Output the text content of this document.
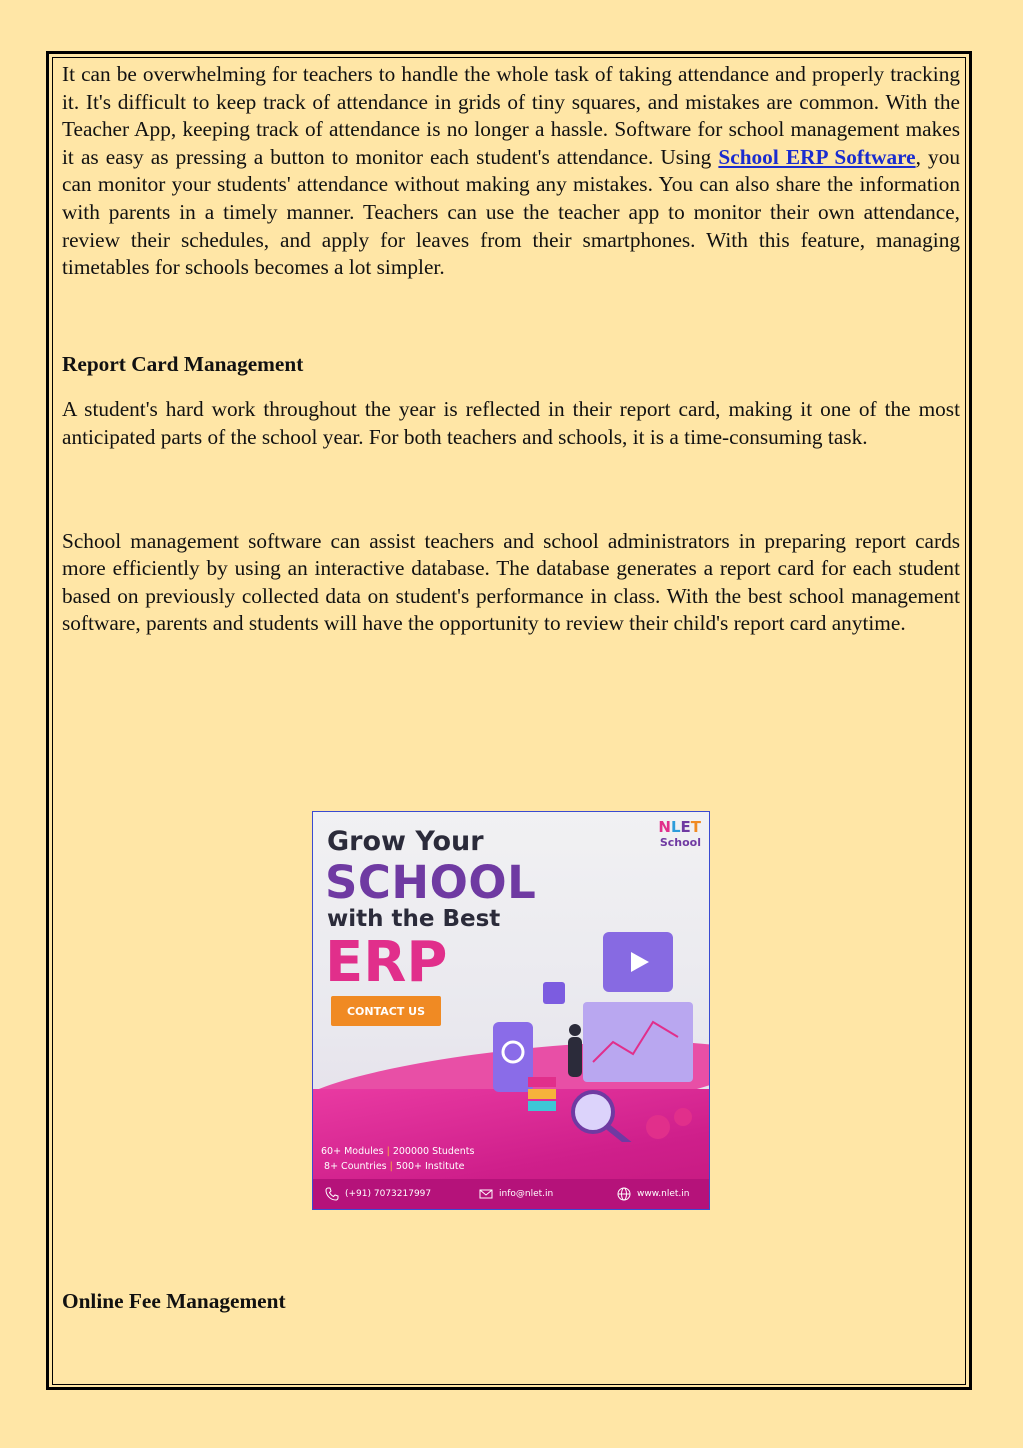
It can be overwhelming for teachers to handle the whole task of taking attendance and properly tracking it. It's difficult to keep track of attendance in grids of tiny squares, and mistakes are common. With the Teacher App, keeping track of attendance is no longer a hassle. Software for school management makes it as easy as pressing a button to monitor each student's attendance. Using School ERP Software, you can monitor your students' attendance without making any mistakes. You can also share the information with parents in a timely manner. Teachers can use the teacher app to monitor their own attendance, review their schedules, and apply for leaves from their smartphones. With this feature, managing timetables for schools becomes a lot simpler.

Report Card Management

A student's hard work throughout the year is reflected in their report card, making it one of the most anticipated parts of the school year. For both teachers and schools, it is a time-consuming task.

School management software can assist teachers and school administrators in preparing report cards more efficiently by using an interactive database. The database generates a report card for each student based on previously collected data on student's performance in class. With the best school management software, parents and students will have the opportunity to review their child's report card anytime.

Grow Your
SCHOOL
with the Best
ERP
CONTACT US
NLET
School
60+ Modules | 200000 Students
8+ Countries | 500+ Institute
(+91) 7073217997	info@nlet.in	www.nlet.in
Online Fee Management
